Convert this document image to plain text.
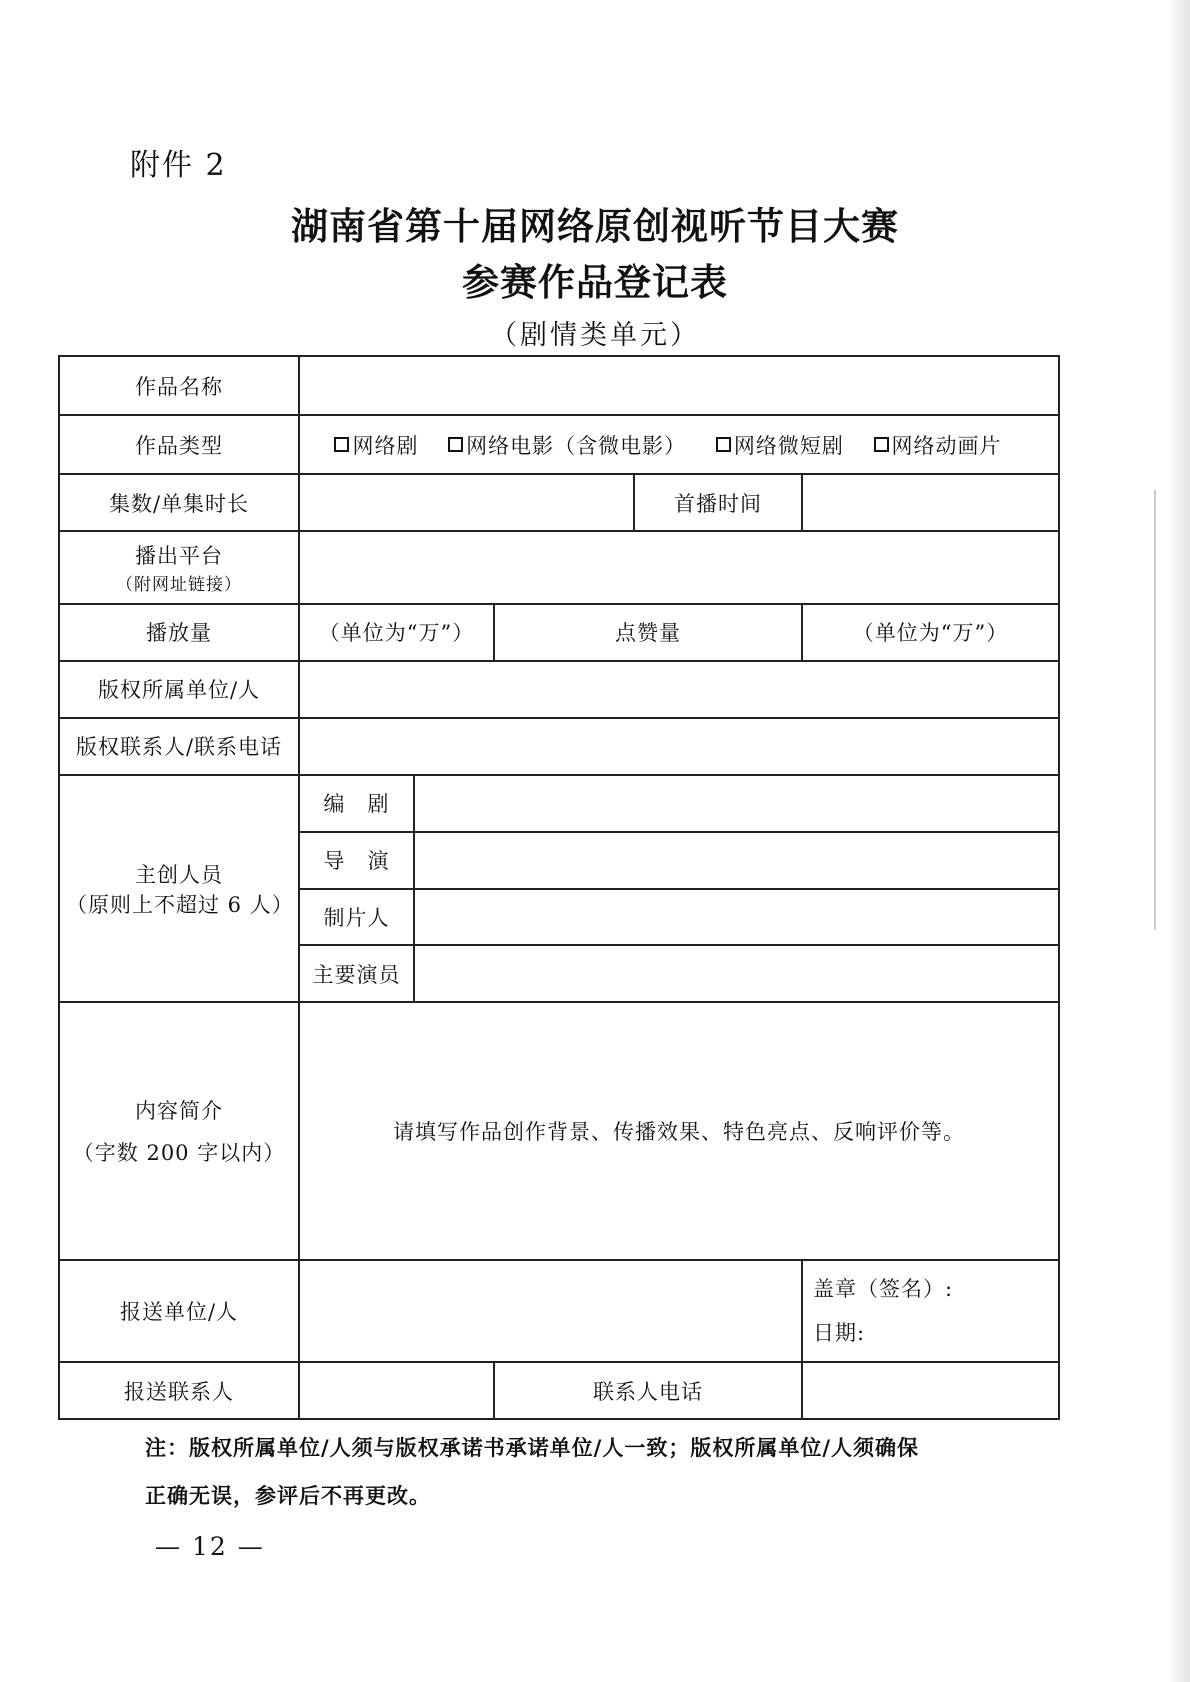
附件 2
湖南省第十届网络原创视听节目大赛
参赛作品登记表
（剧情类单元）
作品名称					
作品类型	网络剧 网络电影（含微电影） 网络微短剧 网络动画片				
集数/单集时长				首播时间	

播出平台
（附网址链接）					

播放量	（单位为“万”）		点赞量		（单位为“万”）
版权所属单位/人					
版权联系人/联系电话					

主创人员
（原则上不超过 6 人）	编　剧				
	导　演				
	制片人				
	主要演员				

内容简介
（字数 200 字以内）	请填写作品创作背景、传播效果、特色亮点、反响评价等。				
报送单位/人					盖章（签名）:
日期:

报送联系人			联系人电话		
注：版权所属单位/人须与版权承诺书承诺单位/人一致；版权所属单位/人须确保
正确无误，参评后不再更改。
— 12 —
